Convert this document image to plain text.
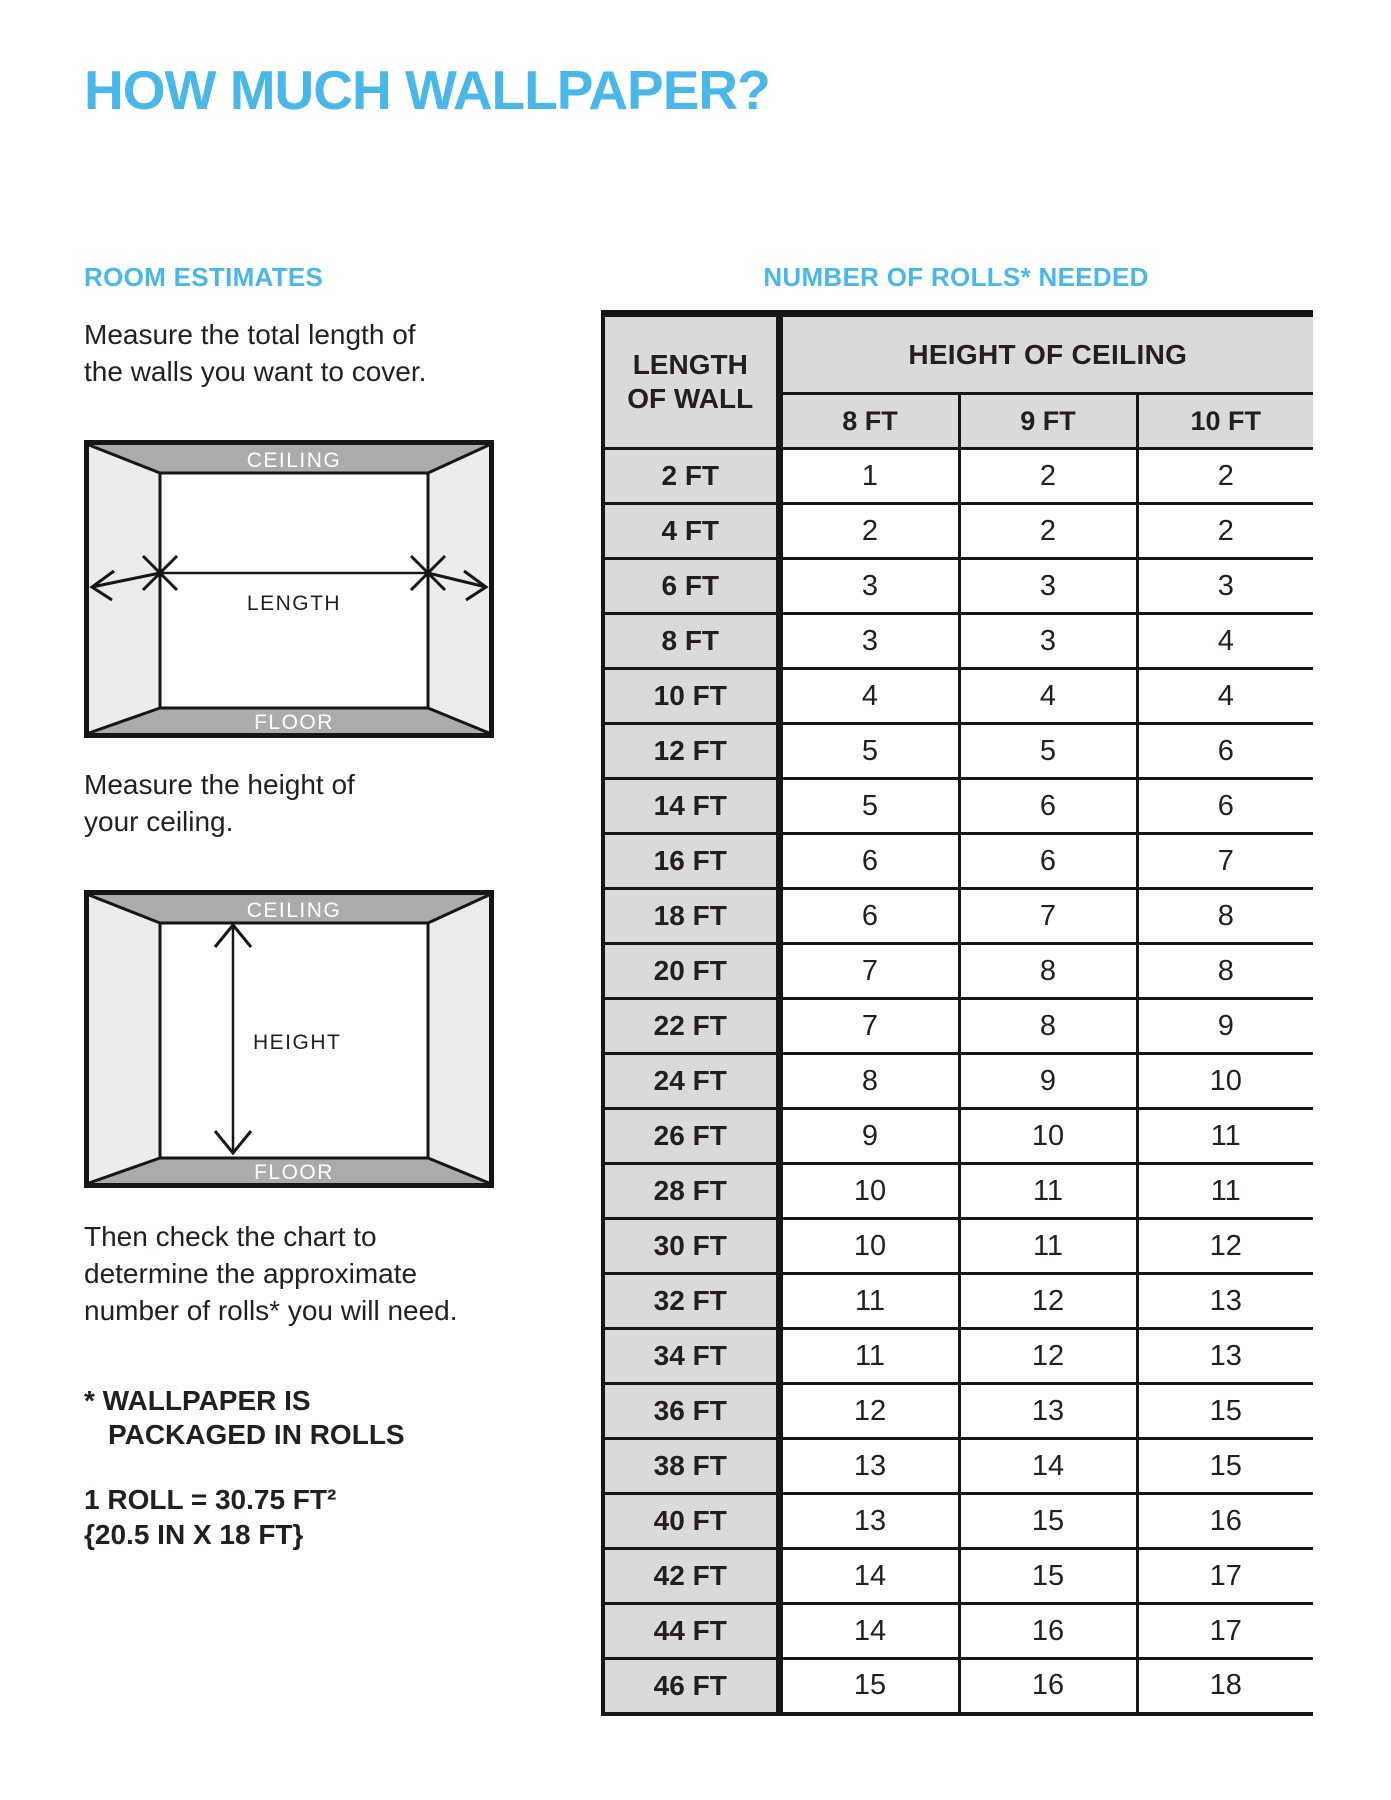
HOW MUCH WALLPAPER?
ROOM ESTIMATES	NUMBER OF ROLLS* NEEDED
Measure the total length of
the walls you want to cover.
CEILING
FLOOR
LENGTH
Measure the height of
your ceiling.
CEILING
FLOOR
HEIGHT
Then check the chart to
determine the approximate
number of rolls* you will need.
* WALLPAPER IS
PACKAGED IN ROLLS
1 ROLL = 30.75 FT²
{20.5 IN X 18 FT}
LENGTH
OF WALL	HEIGHT OF CEILING		
	8 FT	9 FT	10 FT
2 FT	1	2	2
4 FT	2	2	2
6 FT	3	3	3
8 FT	3	3	4
10 FT	4	4	4
12 FT	5	5	6
14 FT	5	6	6
16 FT	6	6	7
18 FT	6	7	8
20 FT	7	8	8
22 FT	7	8	9
24 FT	8	9	10
26 FT	9	10	11
28 FT	10	11	11
30 FT	10	11	12
32 FT	11	12	13
34 FT	11	12	13
36 FT	12	13	15
38 FT	13	14	15
40 FT	13	15	16
42 FT	14	15	17
44 FT	14	16	17
46 FT	15	16	18
